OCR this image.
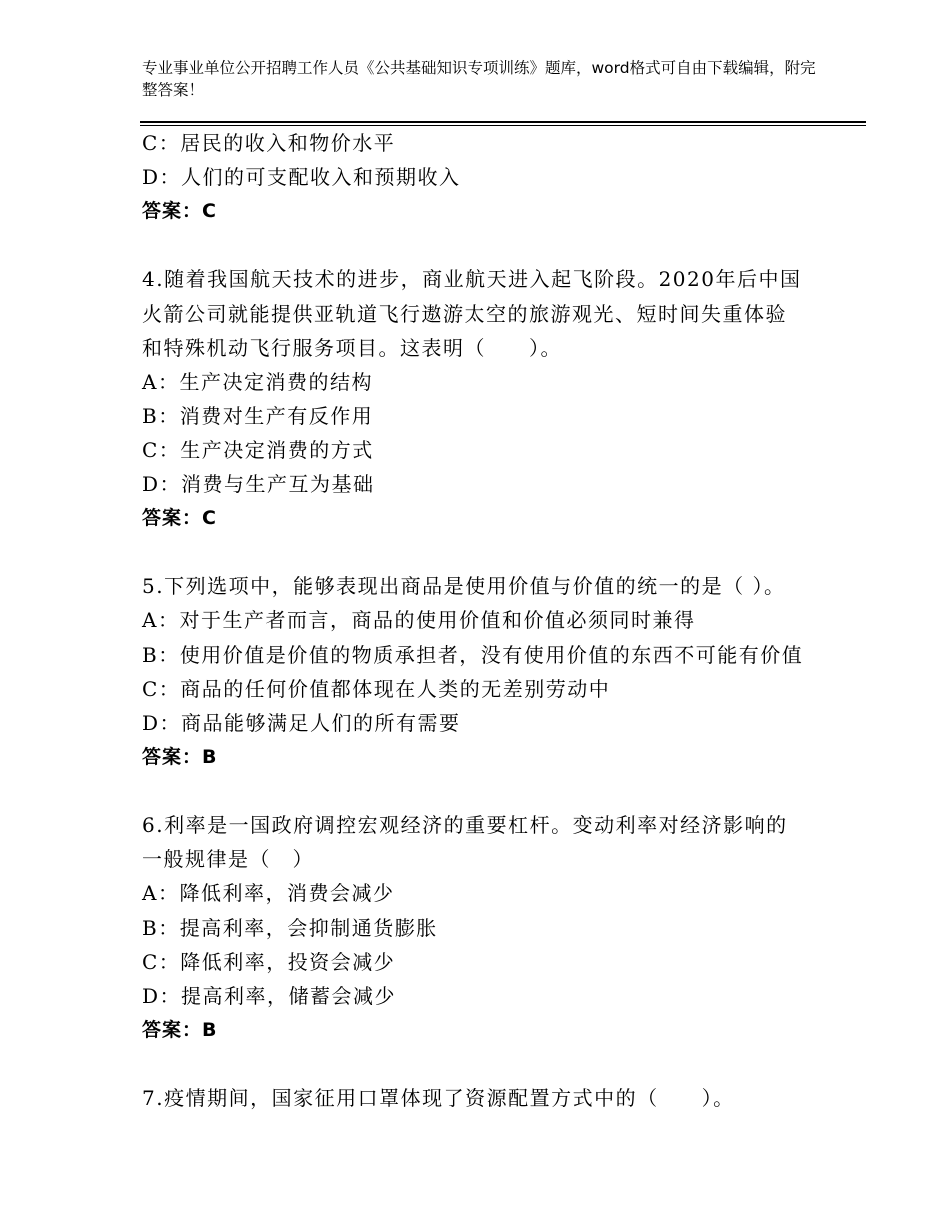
专业事业单位公开招聘工作人员《公共基础知识专项训练》题库，word格式可自由下载编辑，附完整答案！
C：居民的收入和物价水平
D：人们的可支配收入和预期收入
答案：C
4.随着我国航天技术的进步，商业航天进入起飞阶段。2020年后中国
火箭公司就能提供亚轨道飞行遨游太空的旅游观光、短时间失重体验
和特殊机动飞行服务项目。这表明（　　）。
A：生产决定消费的结构
B：消费对生产有反作用
C：生产决定消费的方式
D：消费与生产互为基础
答案：C
5.下列选项中，能够表现出商品是使用价值与价值的统一的是（ ）。
A：对于生产者而言，商品的使用价值和价值必须同时兼得
B：使用价值是价值的物质承担者，没有使用价值的东西不可能有价值
C：商品的任何价值都体现在人类的无差别劳动中
D：商品能够满足人们的所有需要
答案：B
6.利率是一国政府调控宏观经济的重要杠杆。变动利率对经济影响的
一般规律是（　）
A：降低利率，消费会减少
B：提高利率，会抑制通货膨胀
C：降低利率，投资会减少
D：提高利率，储蓄会减少
答案：B
7.疫情期间，国家征用口罩体现了资源配置方式中的（　　）。
